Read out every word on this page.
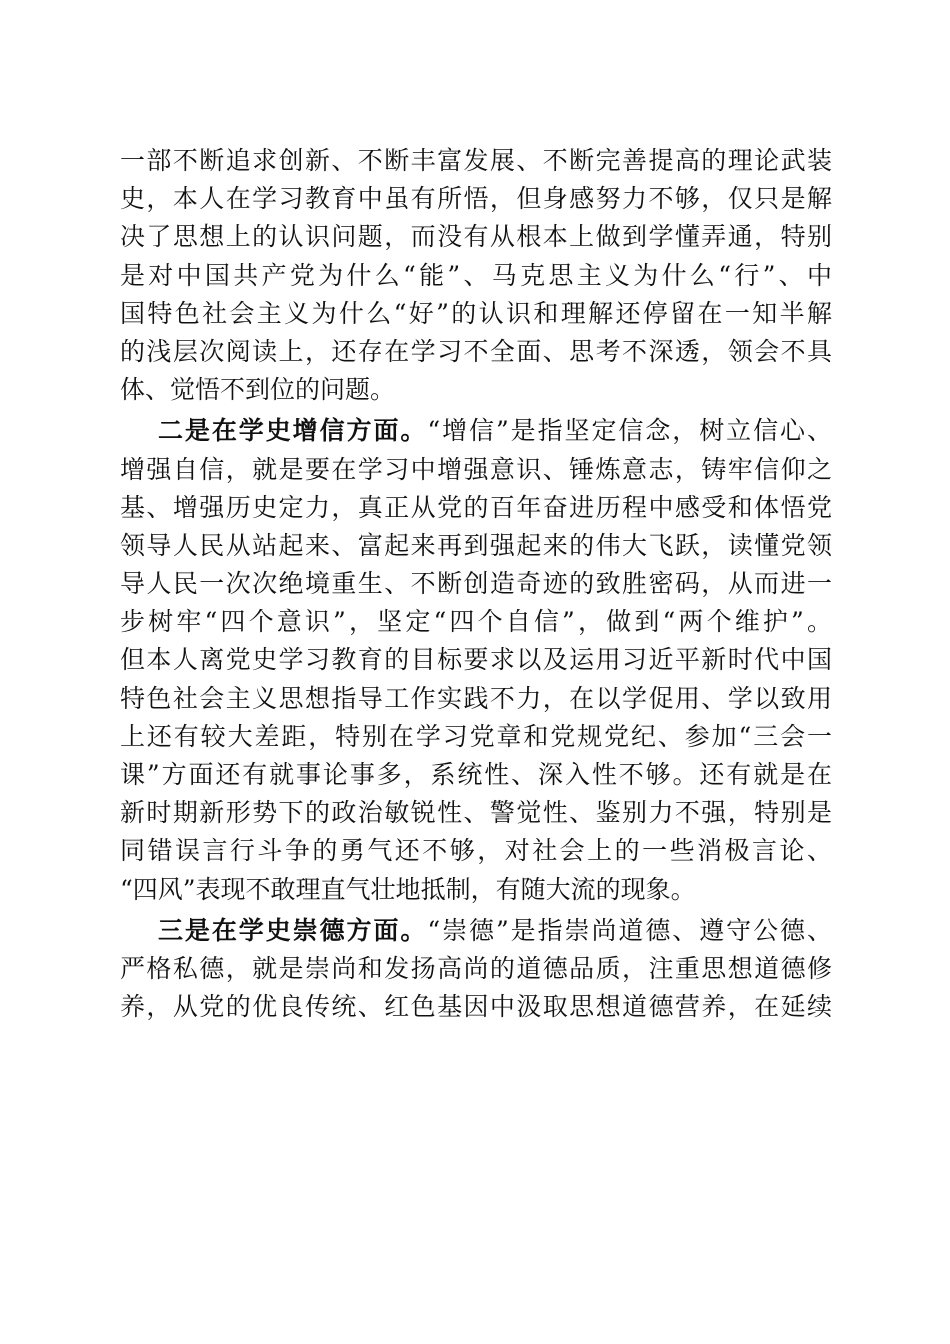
一部不断追求创新、不断丰富发展、不断完善提高的理论武装
史，本人在学习教育中虽有所悟，但身感努力不够，仅只是解
决了思想上的认识问题，而没有从根本上做到学懂弄通，特别
是对中国共产党为什么“能”、马克思主义为什么“行”、中
国特色社会主义为什么“好”的认识和理解还停留在一知半解
的浅层次阅读上，还存在学习不全面、思考不深透，领会不具
体、觉悟不到位的问题。
二是在学史增信方面。“增信”是指坚定信念，树立信心、
增强自信，就是要在学习中增强意识、锤炼意志，铸牢信仰之
基、增强历史定力，真正从党的百年奋进历程中感受和体悟党
领导人民从站起来、富起来再到强起来的伟大飞跃，读懂党领
导人民一次次绝境重生、不断创造奇迹的致胜密码，从而进一
步树牢“四个意识”，坚定“四个自信”，做到“两个维护”。
但本人离党史学习教育的目标要求以及运用习近平新时代中国
特色社会主义思想指导工作实践不力，在以学促用、学以致用
上还有较大差距，特别在学习党章和党规党纪、参加“三会一
课”方面还有就事论事多，系统性、深入性不够。还有就是在
新时期新形势下的政治敏锐性、警觉性、鉴别力不强，特别是
同错误言行斗争的勇气还不够，对社会上的一些消极言论、
“四风”表现不敢理直气壮地抵制，有随大流的现象。
三是在学史崇德方面。“崇德”是指崇尚道德、遵守公德、
严格私德，就是崇尚和发扬高尚的道德品质，注重思想道德修
养，从党的优良传统、红色基因中汲取思想道德营养，在延续
